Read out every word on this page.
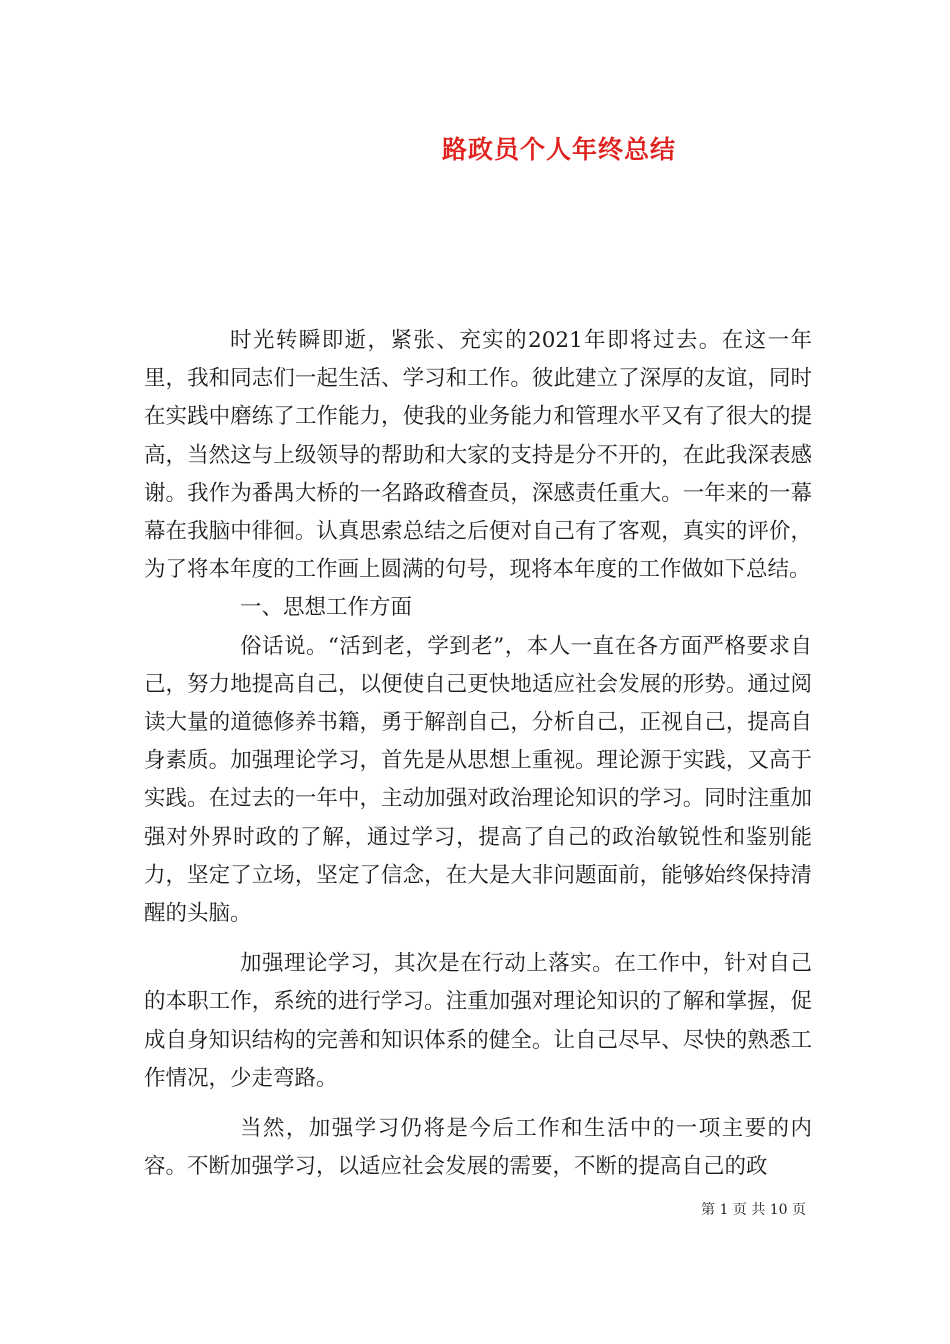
路政员个人年终总结

时光转瞬即逝，紧张、充实的2021年即将过去。在这一年里，我和同志们一起生活、学习和工作。彼此建立了深厚的友谊，同时在实践中磨练了工作能力，使我的业务能力和管理水平又有了很大的提高，当然这与上级领导的帮助和大家的支持是分不开的，在此我深表感谢。我作为番禺大桥的一名路政稽查员，深感责任重大。一年来的一幕幕在我脑中徘徊。认真思索总结之后便对自己有了客观，真实的评价，为了将本年度的工作画上圆满的句号，现将本年度的工作做如下总结。

一、思想工作方面

俗话说。“活到老，学到老”，本人一直在各方面严格要求自己，努力地提高自己，以便使自己更快地适应社会发展的形势。通过阅读大量的道德修养书籍，勇于解剖自己，分析自己，正视自己，提高自身素质。加强理论学习，首先是从思想上重视。理论源于实践，又高于实践。在过去的一年中，主动加强对政治理论知识的学习。同时注重加强对外界时政的了解，通过学习，提高了自己的政治敏锐性和鉴别能力，坚定了立场，坚定了信念，在大是大非问题面前，能够始终保持清醒的头脑。

加强理论学习，其次是在行动上落实。在工作中，针对自己的本职工作，系统的进行学习。注重加强对理论知识的了解和掌握，促成自身知识结构的完善和知识体系的健全。让自己尽早、尽快的熟悉工作情况，少走弯路。

当然，加强学习仍将是今后工作和生活中的一项主要的内容。不断加强学习，以适应社会发展的需要，不断的提高自己的政

第 1 页 共 10 页
